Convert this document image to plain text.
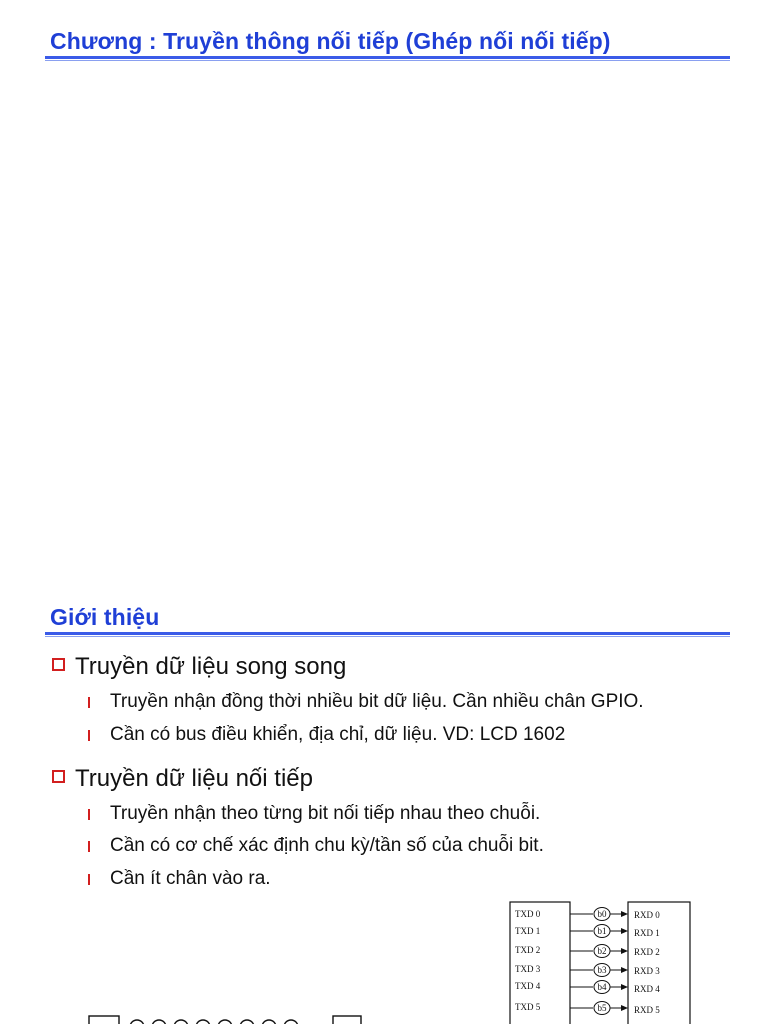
Chương : Truyền thông nối tiếp (Ghép nối nối tiếp)
Giới thiệu
Truyền dữ liệu song song
Truyền nhận đồng thời nhiều bit dữ liệu. Cần nhiều chân GPIO.
Cần có bus điều khiển, địa chỉ, dữ liệu. VD: LCD 1602
Truyền dữ liệu nối tiếp
Truyền nhận theo từng bit nối tiếp nhau theo chuỗi.
Cần có cơ chế xác định chu kỳ/tần số của chuỗi bit.
Cần ít chân vào ra.
TXD 0	b0	RXD 0
TXD 1	b1	RXD 1
TXD 2	b2	RXD 2
TXD 3	b3	RXD 3
TXD 4	b4	RXD 4
TXD 5	b5	RXD 5
